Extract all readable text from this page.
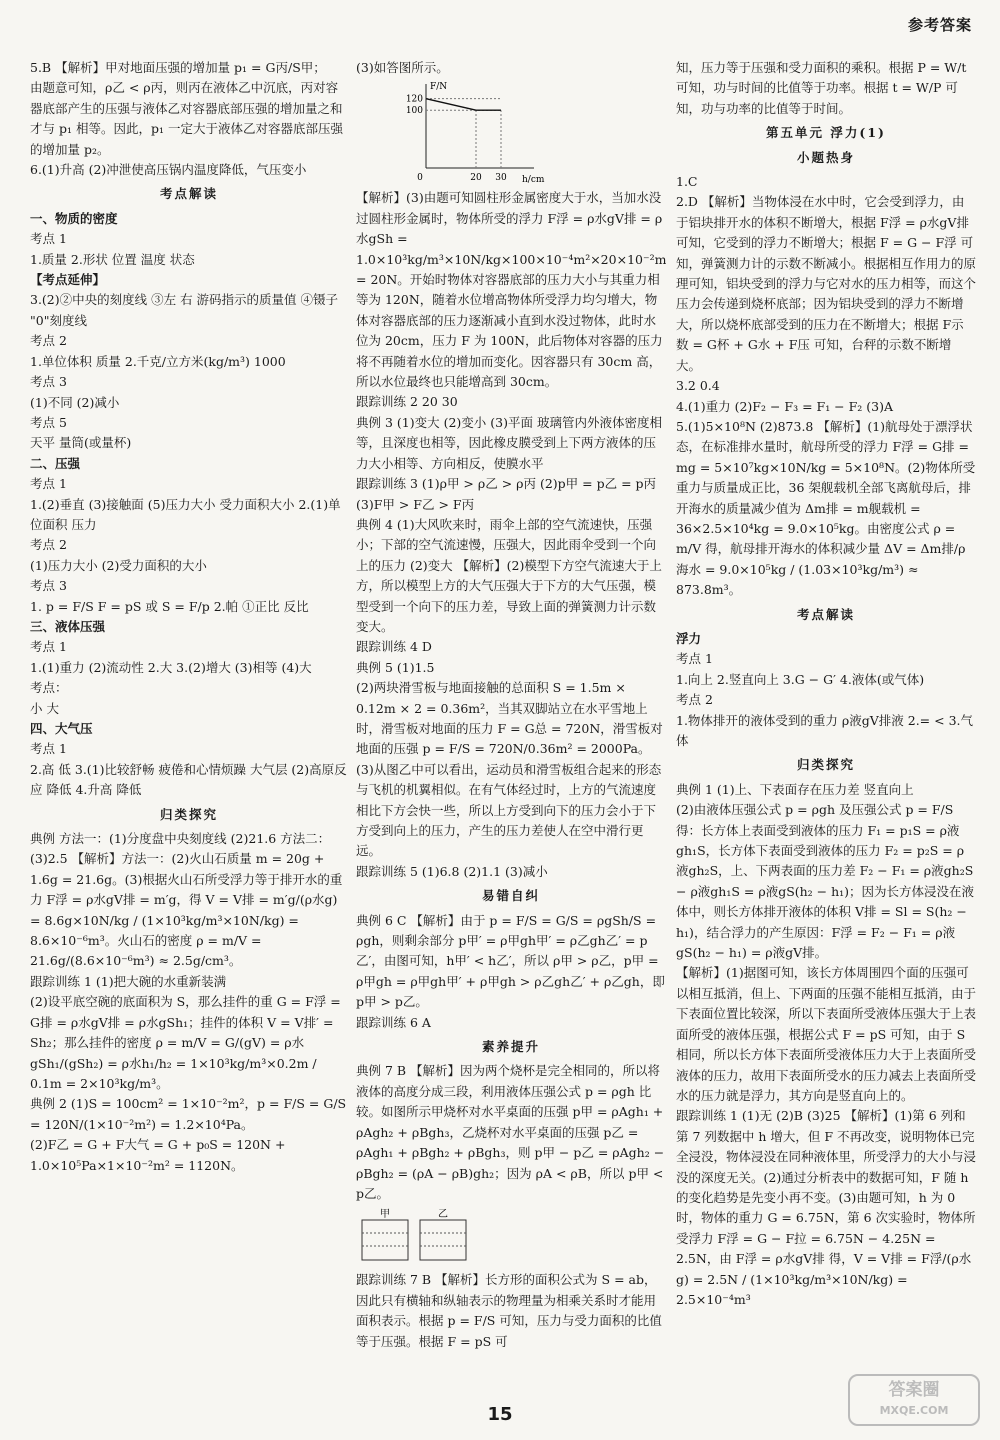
参考答案

5.B 【解析】甲对地面压强的增加量 p₁ = G丙/S甲；

由题意可知，ρ乙 < ρ丙，则丙在液体乙中沉底，丙对容器底部产生的压强与液体乙对容器底部压强的增加量之和才与 p₁ 相等。因此，p₁ 一定大于液体乙对容器底部压强的增加量 p₂。

6.(1)升高 (2)冲泄使高压锅内温度降低，气压变小

考点解读

一、物质的密度

考点 1

1.质量 2.形状 位置 温度 状态

【考点延伸】

3.(2)②中央的刻度线 ③左 右 游码指示的质量值 ④镊子 "0"刻度线

考点 2

1.单位体积 质量 2.千克/立方米(kg/m³) 1000

考点 3

(1)不同 (2)减小

考点 5

天平 量筒(或量杯)

二、压强

考点 1

1.(2)垂直 (3)接触面 (5)压力大小 受力面积大小 2.(1)单位面积 压力

考点 2

(1)压力大小 (2)受力面积的大小

考点 3

1. p = F/S F = pS 或 S = F/p 2.帕 ①正比 反比

三、液体压强

考点 1

1.(1)重力 (2)流动性 2.大 3.(2)增大 (3)相等 (4)大

考点：

小 大

四、大气压

考点 1

2.高 低 3.(1)比较舒畅 疲倦和心情烦躁 大气层 (2)高原反应 降低 4.升高 降低

归类探究

典例 方法一：(1)分度盘中央刻度线 (2)21.6 方法二：(3)2.5 【解析】方法一：(2)火山石质量 m = 20g + 1.6g = 21.6g。(3)根据火山石所受浮力等于排开水的重力 F浮 = ρ水gV排 = m′g，得 V = V排 = m′g/(ρ水g) = 8.6g×10N/kg / (1×10³kg/m³×10N/kg) = 8.6×10⁻⁶m³。火山石的密度 ρ = m/V = 21.6g/(8.6×10⁻⁶m³) ≈ 2.5g/cm³。

跟踪训练 1 (1)把大碗的水重新装满

(2)设平底空碗的底面积为 S，那么挂件的重 G = F浮 = G排 = ρ水gV排 = ρ水gSh₁；挂件的体积 V = V排′ = Sh₂；那么挂件的密度 ρ = m/V = G/(gV) = ρ水gSh₁/(gSh₂) = ρ水h₁/h₂ = 1×10³kg/m³×0.2m / 0.1m = 2×10³kg/m³。

典例 2 (1)S = 100cm² = 1×10⁻²m²，p = F/S = G/S = 120N/(1×10⁻²m²) = 1.2×10⁴Pa。

(2)F乙 = G + F大气 = G + p₀S = 120N + 1.0×10⁵Pa×1×10⁻²m² = 1120N。

(3)如答图所示。

F/N
h/cm
120
100
0	20 30

【解析】(3)由题可知圆柱形金属密度大于水，当加水没过圆柱形金属时，物体所受的浮力 F浮 = ρ水gV排 = ρ水gSh = 1.0×10³kg/m³×10N/kg×100×10⁻⁴m²×20×10⁻²m = 20N。开始时物体对容器底部的压力大小与其重力相等为 120N，随着水位增高物体所受浮力均匀增大，物体对容器底部的压力逐渐减小直到水没过物体，此时水位为 20cm，压力 F 为 100N，此后物体对容器的压力将不再随着水位的增加而变化。因容器只有 30cm 高，所以水位最终也只能增高到 30cm。

跟踪训练 2 20 30

典例 3 (1)变大 (2)变小 (3)平面 玻璃管内外液体密度相等，且深度也相等，因此橡皮膜受到上下两方液体的压力大小相等、方向相反，使膜水平

跟踪训练 3 (1)ρ甲 > ρ乙 > ρ丙 (2)p甲 = p乙 = p丙 (3)F甲 > F乙 > F丙

典例 4 (1)大风吹来时，雨伞上部的空气流速快，压强小；下部的空气流速慢，压强大，因此雨伞受到一个向上的压力 (2)变大 【解析】(2)模型下方空气流速大于上方，所以模型上方的大气压强大于下方的大气压强，模型受到一个向下的压力差，导致上面的弹簧测力计示数变大。

跟踪训练 4 D

典例 5 (1)1.5

(2)两块滑雪板与地面接触的总面积 S = 1.5m × 0.12m × 2 = 0.36m²，当其双脚站立在水平雪地上时，滑雪板对地面的压力 F = G总 = 720N，滑雪板对地面的压强 p = F/S = 720N/0.36m² = 2000Pa。

(3)从图乙中可以看出，运动员和滑雪板组合起来的形态与飞机的机翼相似。在有气体经过时，上方的气流速度相比下方会快一些，所以上方受到向下的压力会小于下方受到向上的压力，产生的压力差使人在空中滑行更远。

跟踪训练 5 (1)6.8 (2)1.1 (3)减小

易错自纠

典例 6 C 【解析】由于 p = F/S = G/S = ρgSh/S = ρgh，则剩余部分 p甲′ = ρ甲gh甲′ = ρ乙gh乙′ = p乙′，由图可知，h甲′ < h乙′，所以 ρ甲 > ρ乙，p甲 = ρ甲gh = ρ甲gh甲′ + ρ甲gh > ρ乙gh乙′ + ρ乙gh，即 p甲 > p乙。

跟踪训练 6 A

素养提升

典例 7 B 【解析】因为两个烧杯是完全相同的，所以将液体的高度分成三段，利用液体压强公式 p = ρgh 比较。如图所示甲烧杯对水平桌面的压强 p甲 = ρAgh₁ + ρAgh₂ + ρBgh₃，乙烧杯对水平桌面的压强 p乙 = ρAgh₁ + ρBgh₂ + ρBgh₃，则 p甲 − p乙 = ρAgh₂ − ρBgh₂ = (ρA − ρB)gh₂；因为 ρA < ρB，所以 p甲 < p乙。

甲	乙

跟踪训练 7 B 【解析】长方形的面积公式为 S = ab，因此只有横轴和纵轴表示的物理量为相乘关系时才能用面积表示。根据 p = F/S 可知，压力与受力面积的比值等于压强。根据 F = pS 可

知，压力等于压强和受力面积的乘积。根据 P = W/t 可知，功与时间的比值等于功率。根据 t = W/P 可知，功与功率的比值等于时间。

第五单元 浮力(1)

小题热身

1.C

2.D 【解析】当物体浸在水中时，它会受到浮力，由于铝块排开水的体积不断增大，根据 F浮 = ρ水gV排 可知，它受到的浮力不断增大；根据 F = G − F浮 可知，弹簧测力计的示数不断减小。根据相互作用力的原理可知，铝块受到的浮力与它对水的压力相等，而这个压力会传递到烧杯底部；因为铝块受到的浮力不断增大，所以烧杯底部受到的压力在不断增大；根据 F示数 = G杯 + G水 + F压 可知，台秤的示数不断增大。

3.2 0.4

4.(1)重力 (2)F₂ − F₃ = F₁ − F₂ (3)A

5.(1)5×10⁸N (2)873.8 【解析】(1)航母处于漂浮状态，在标准排水量时，航母所受的浮力 F浮 = G排 = mg = 5×10⁷kg×10N/kg = 5×10⁸N。(2)物体所受重力与质量成正比，36 架舰载机全部飞离航母后，排开海水的质量减少值为 Δm排 = m舰载机 = 36×2.5×10⁴kg = 9.0×10⁵kg。由密度公式 ρ = m/V 得，航母排开海水的体积减少量 ΔV = Δm排/ρ海水 = 9.0×10⁵kg / (1.03×10³kg/m³) ≈ 873.8m³。

考点解读

浮力

考点 1

1.向上 2.竖直向上 3.G − G′ 4.液体(或气体)

考点 2

1.物体排开的液体受到的重力 ρ液gV排液 2.= < 3.气体

归类探究

典例 1 (1)上、下表面存在压力差 竖直向上

(2)由液体压强公式 p = ρgh 及压强公式 p = F/S 得：长方体上表面受到液体的压力 F₁ = p₁S = ρ液gh₁S，长方体下表面受到液体的压力 F₂ = p₂S = ρ液gh₂S，上、下两表面的压力差 F₂ − F₁ = ρ液gh₂S − ρ液gh₁S = ρ液gS(h₂ − h₁)；因为长方体浸没在液体中，则长方体排开液体的体积 V排 = Sl = S(h₂ − h₁)，结合浮力的产生原因：F浮 = F₂ − F₁ = ρ液gS(h₂ − h₁) = ρ液gV排。

【解析】(1)据图可知，该长方体周围四个面的压强可以相互抵消，但上、下两面的压强不能相互抵消，由于下表面位置比较深，所以下表面所受液体压强大于上表面所受的液体压强，根据公式 F = pS 可知，由于 S 相同，所以长方体下表面所受液体压力大于上表面所受液体的压力，故用下表面所受水的压力减去上表面所受水的压力就是浮力，其方向是竖直向上的。

跟踪训练 1 (1)无 (2)B (3)25 【解析】(1)第 6 列和第 7 列数据中 h 增大，但 F 不再改变，说明物体已完全浸没，物体浸没在同种液体里，所受浮力的大小与浸没的深度无关。(2)通过分析表中的数据可知，F 随 h 的变化趋势是先变小再不变。(3)由题可知，h 为 0 时，物体的重力 G = 6.75N，第 6 次实验时，物体所受浮力 F浮 = G − F拉 = 6.75N − 4.25N = 2.5N，由 F浮 = ρ水gV排 得，V = V排 = F浮/(ρ水g) = 2.5N / (1×10³kg/m³×10N/kg) = 2.5×10⁻⁴m³

15
答案圈
MXQE.COM
